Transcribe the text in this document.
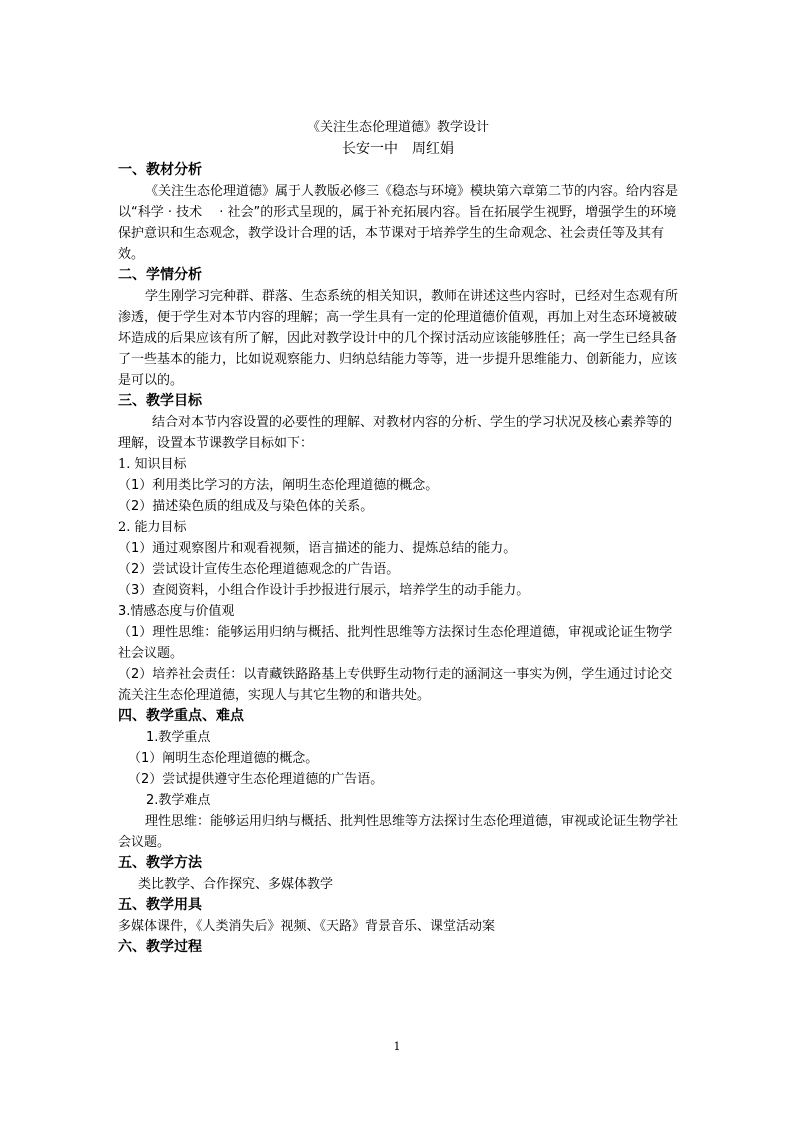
《关注生态伦理道德》教学设计

长安一中　周红娟

一、教材分析

《关注生态伦理道德》属于人教版必修三《稳态与环境》模块第六章第二节的内容。给内容是以“科学 · 技术　 · 社会”的形式呈现的，属于补充拓展内容。旨在拓展学生视野，增强学生的环境保护意识和生态观念，教学设计合理的话，本节课对于培养学生的生命观念、社会责任等及其有效。

二、学情分析

学生刚学习完种群、群落、生态系统的相关知识，教师在讲述这些内容时，已经对生态观有所渗透，便于学生对本节内容的理解；高一学生具有一定的伦理道德价值观，再加上对生态环境被破坏造成的后果应该有所了解，因此对教学设计中的几个探讨活动应该能够胜任；高一学生已经具备了一些基本的能力，比如说观察能力、归纳总结能力等等，进一步提升思维能力、创新能力，应该是可以的。

三、教学目标

结合对本节内容设置的必要性的理解、对教材内容的分析、学生的学习状况及核心素养等的理解，设置本节课教学目标如下：

1. 知识目标

（1）利用类比学习的方法，阐明生态伦理道德的概念。

（2）描述染色质的组成及与染色体的关系。

2. 能力目标

（1）通过观察图片和观看视频，语言描述的能力、提炼总结的能力。

（2）尝试设计宣传生态伦理道德观念的广告语。

（3）查阅资料，小组合作设计手抄报进行展示，培养学生的动手能力。

3.情感态度与价值观

（1）理性思维：能够运用归纳与概括、批判性思维等方法探讨生态伦理道德，审视或论证生物学社会议题。

（2）培养社会责任：以青藏铁路路基上专供野生动物行走的涵洞这一事实为例，学生通过讨论交流关注生态伦理道德，实现人与其它生物的和谐共处。

四、教学重点、难点

1.教学重点

（1）阐明生态伦理道德的概念。

（2）尝试提供遵守生态伦理道德的广告语。

2.教学难点

理性思维：能够运用归纳与概括、批判性思维等方法探讨生态伦理道德，审视或论证生物学社会议题。

五、教学方法

类比教学、合作探究、多媒体教学

五、教学用具

多媒体课件，《人类消失后》视频、《天路》背景音乐、课堂活动案

六、教学过程

1
